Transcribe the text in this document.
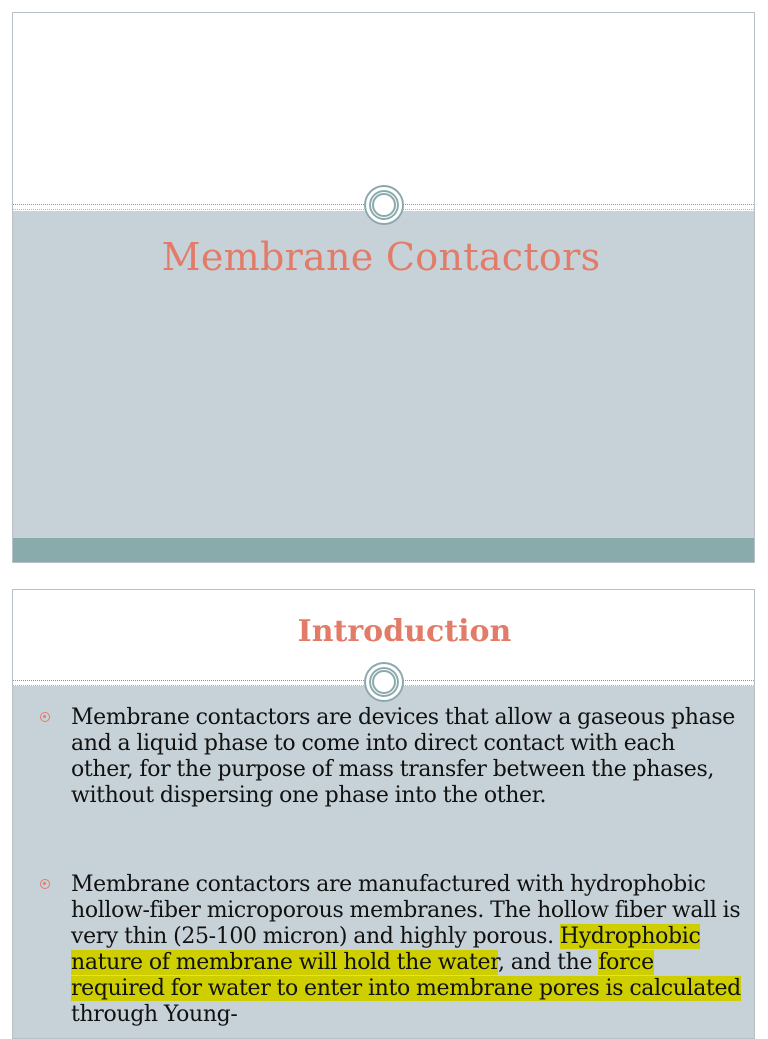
Membrane Contactors
Introduction
Membrane contactors are devices that allow a gaseous phase and a liquid phase to come into direct contact with each other, for the purpose of mass transfer between the phases, without dispersing one phase into the other.
Membrane contactors are manufactured with hydrophobic hollow-fiber microporous membranes. The hollow fiber wall is very thin (25-100 micron) and highly porous. Hydrophobic nature of membrane will hold the water, and the force required for water to enter into membrane pores is calculated through Young-
